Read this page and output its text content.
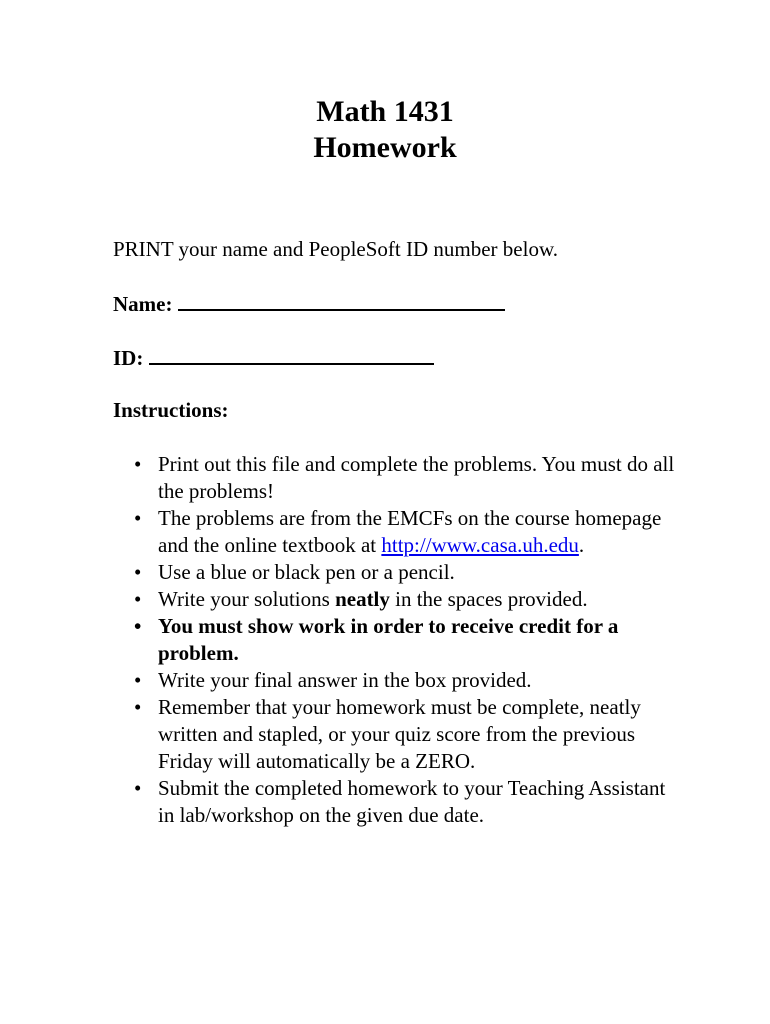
Math 1431
Homework
PRINT your name and PeopleSoft ID number below.
Name:
ID:
Instructions:
• Print out this file and complete the problems. You must do all the problems!
• The problems are from the EMCFs on the course homepage and the online textbook at http://www.casa.uh.edu.
• Use a blue or black pen or a pencil.
• Write your solutions neatly in the spaces provided.
• You must show work in order to receive credit for a problem.
• Write your final answer in the box provided.
• Remember that your homework must be complete, neatly written and stapled, or your quiz score from the previous Friday will automatically be a ZERO.
• Submit the completed homework to your Teaching Assistant in lab/workshop on the given due date.
